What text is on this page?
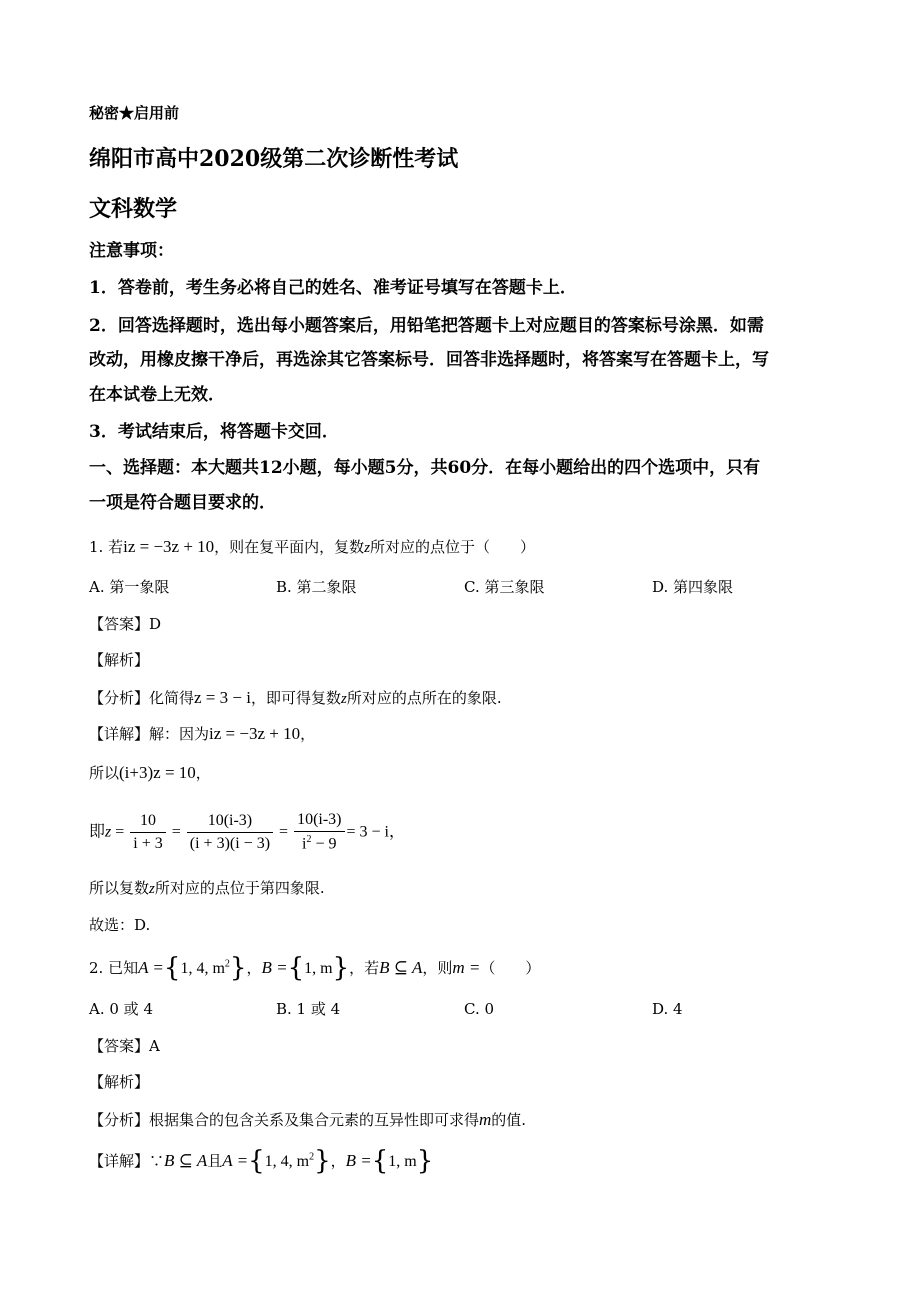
秘密★启用前
绵阳市高中2020级第二次诊断性考试
文科数学
注意事项：
1．答卷前，考生务必将自己的姓名、准考证号填写在答题卡上．
2．回答选择题时，选出每小题答案后，用铅笔把答题卡上对应题目的答案标号涂黑．如需
改动，用橡皮擦干净后，再选涂其它答案标号．回答非选择题时，将答案写在答题卡上，写
在本试卷上无效．
3．考试结束后，将答题卡交回．
一、选择题：本大题共12小题，每小题5分，共60分．在每小题给出的四个选项中，只有
一项是符合题目要求的．
1. 若iz = −3z + 10，则在复平面内，复数z所对应的点位于（　　）
A. 第一象限	B. 第二象限	C. 第三象限	D. 第四象限
【答案】D
【解析】
【分析】化简得z = 3 − i，即可得复数z所对应的点所在的象限.
【详解】解：因为iz = −3z + 10，
所以(i+3)z = 10，
即$z = \frac{10}{i + 3} = \frac{10(i-3)}{(i + 3)(i - 3)} = \frac{10(i-3)}{i^2 - 9} = 3 - i$，
所以复数z所对应的点位于第四象限.
故选：D.
2. 已知A ={1, 4, $m^2$}，B ={1, m}，若B ⊆ A，则m =（　　）
A. 0 或 4	B. 1 或 4	C. 0	D. 4
【答案】A
【解析】
【分析】根据集合的包含关系及集合元素的互异性即可求得m的值.
【详解】∵B ⊆ A且A ={1, 4, $m^2$}，B ={1, m}
